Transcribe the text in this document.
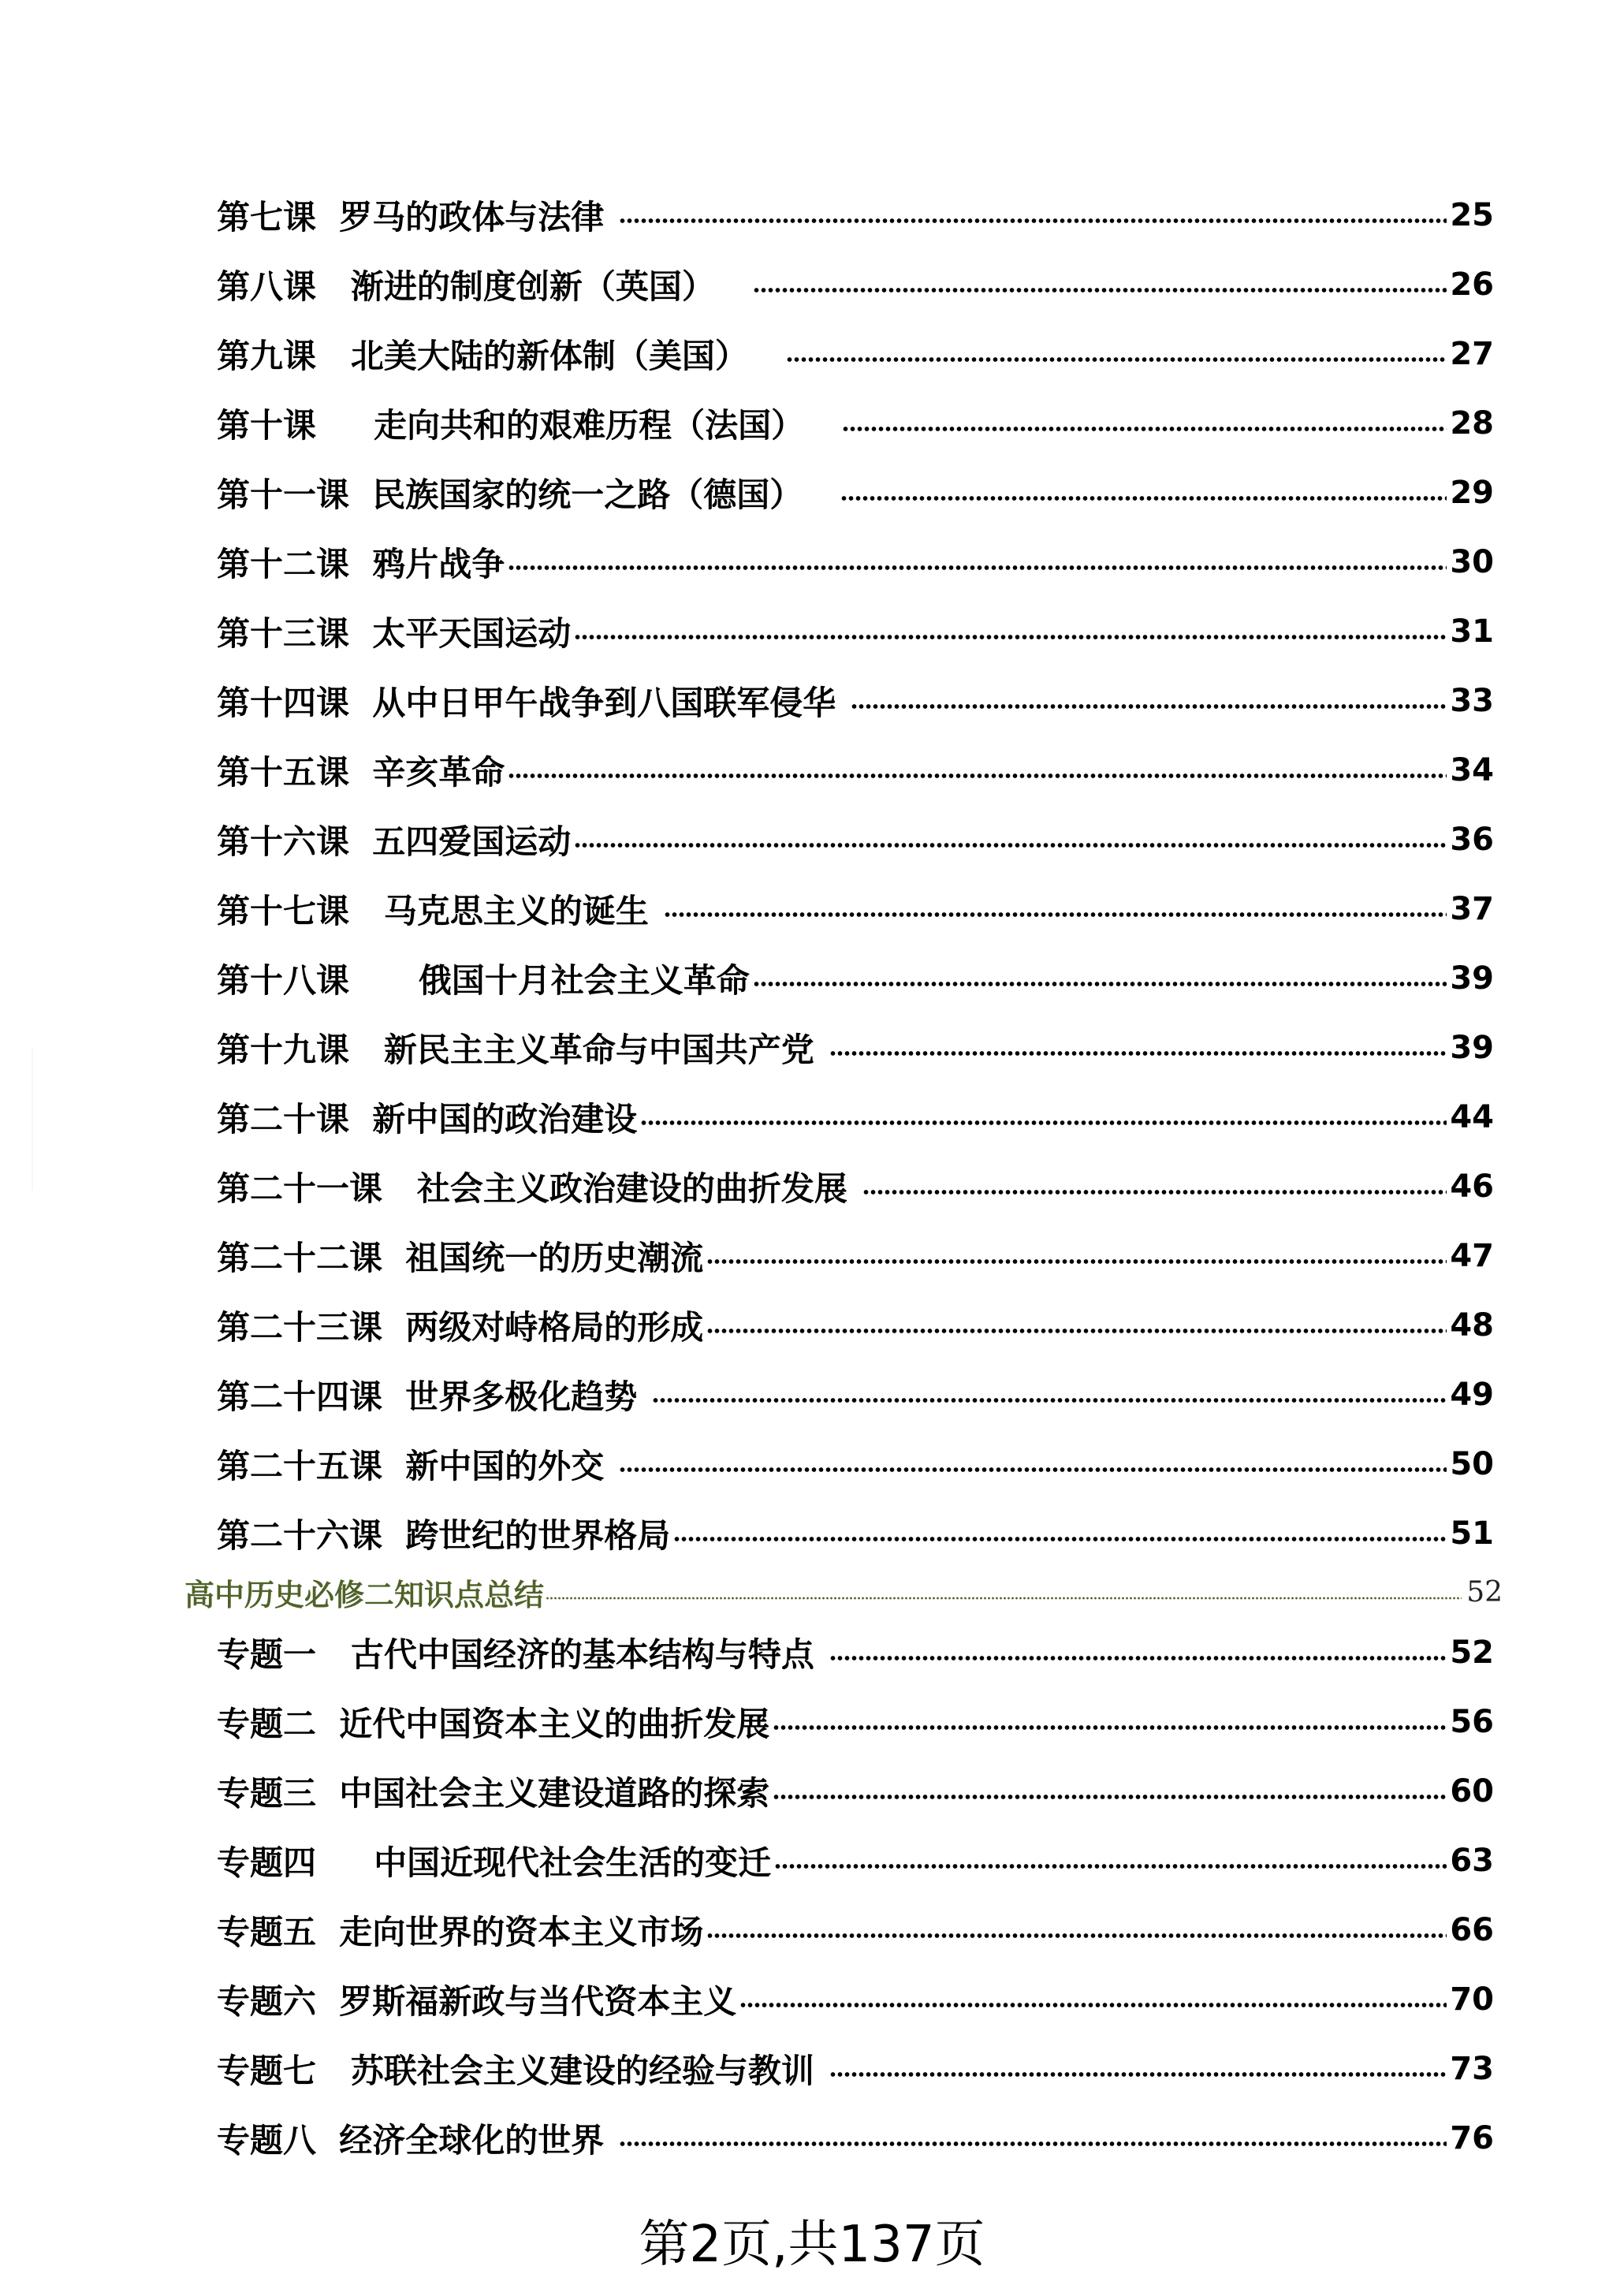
第七课  罗马的政体与法律	25
第八课   渐进的制度创新（英国）	26
第九课   北美大陆的新体制（美国）	27
第十课     走向共和的艰难历程（法国）	28
第十一课  民族国家的统一之路（德国）	29
第十二课  鸦片战争	30
第十三课  太平天国运动	31
第十四课  从中日甲午战争到八国联军侵华	33
第十五课  辛亥革命	34
第十六课  五四爱国运动	36
第十七课   马克思主义的诞生	37
第十八课      俄国十月社会主义革命	39
第十九课   新民主主义革命与中国共产党	39
第二十课  新中国的政治建设	44
第二十一课   社会主义政治建设的曲折发展	46
第二十二课  祖国统一的历史潮流	47
第二十三课  两级对峙格局的形成	48
第二十四课  世界多极化趋势	49
第二十五课  新中国的外交	50
第二十六课  跨世纪的世界格局	51
高中历史必修二知识点总结	52
专题一   古代中国经济的基本结构与特点	52
专题二  近代中国资本主义的曲折发展	56
专题三  中国社会主义建设道路的探索	60
专题四     中国近现代社会生活的变迁	63
专题五  走向世界的资本主义市场	66
专题六  罗斯福新政与当代资本主义	70
专题七   苏联社会主义建设的经验与教训	73
专题八  经济全球化的世界	76
第2页,共137页
